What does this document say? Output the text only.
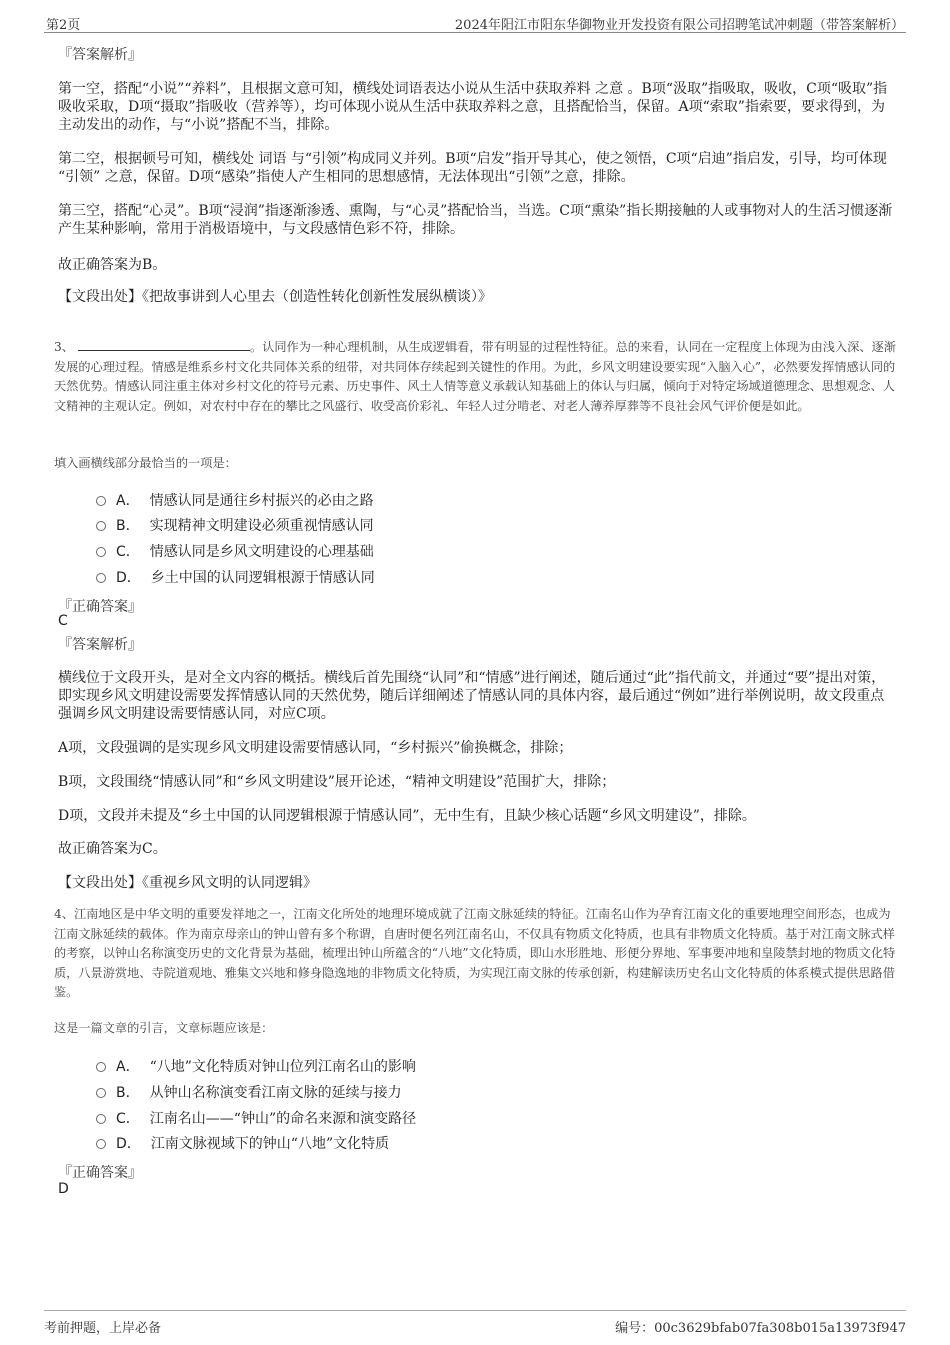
第2页	2024年阳江市阳东华御物业开发投资有限公司招聘笔试冲刺题（带答案解析）
『答案解析』
第一空，搭配“小说”“养料”，且根据文意可知，横线处词语表达小说从生活中获取养料 之意 。B项“汲取”指吸取，吸收，C项“吸取”指吸收采取，D项“摄取”指吸收（营养等），均可体现小说从生活中获取养料之意，且搭配恰当，保留。A项“索取”指索要，要求得到，为主动发出的动作，与“小说”搭配不当，排除。
第二空，根据顿号可知，横线处 词语 与“引领”构成同义并列。B项“启发”指开导其心，使之领悟，C项“启迪”指启发，引导，均可体现 “引领” 之意，保留。D项“感染”指使人产生相同的思想感情，无法体现出“引领”之意，排除。
第三空，搭配“心灵”。B项“浸润”指逐渐渗透、熏陶，与“心灵”搭配恰当，当选。C项“熏染”指长期接触的人或事物对人的生活习惯逐渐产生某种影响，常用于消极语境中，与文段感情色彩不符，排除。
故正确答案为B。
【文段出处】《把故事讲到人心里去（创造性转化创新性发展纵横谈）》
3、	。认同作为一种心理机制，从生成逻辑看，带有明显的过程性特征。总的来看，认同在一定程度上体现为由浅入深、逐渐发展的心理过程。情感是维系乡村文化共同体关系的纽带，对共同体存续起到关键性的作用。为此，乡风文明建设要实现“入脑入心”，必然要发挥情感认同的天然优势。情感认同注重主体对乡村文化的符号元素、历史事件、风土人情等意义承载认知基础上的体认与归属，倾向于对特定场域道德理念、思想观念、人文精神的主观认定。例如，对农村中存在的攀比之风盛行、收受高价彩礼、年轻人过分啃老、对老人薄养厚葬等不良社会风气评价便是如此。
填入画横线部分最恰当的一项是：
A． 情感认同是通往乡村振兴的必由之路
B． 实现精神文明建设必须重视情感认同
C． 情感认同是乡风文明建设的心理基础
D． 乡土中国的认同逻辑根源于情感认同
『正确答案』
C
『答案解析』
横线位于文段开头，是对全文内容的概括。横线后首先围绕“认同”和“情感”进行阐述，随后通过“此”指代前文，并通过“要”提出对策，即实现乡风文明建设需要发挥情感认同的天然优势，随后详细阐述了情感认同的具体内容，最后通过“例如”进行举例说明，故文段重点强调乡风文明建设需要情感认同，对应C项。
A项，文段强调的是实现乡风文明建设需要情感认同，“乡村振兴”偷换概念，排除；
B项，文段围绕“情感认同”和“乡风文明建设”展开论述，“精神文明建设”范围扩大，排除；
D项，文段并未提及“乡土中国的认同逻辑根源于情感认同”，无中生有，且缺少核心话题“乡风文明建设”，排除。
故正确答案为C。
【文段出处】《重视乡风文明的认同逻辑》
4、江南地区是中华文明的重要发祥地之一，江南文化所处的地理环境成就了江南文脉延续的特征。江南名山作为孕育江南文化的重要地理空间形态，也成为江南文脉延续的载体。作为南京母亲山的钟山曾有多个称谓，自唐时便名列江南名山，不仅具有物质文化特质，也具有非物质文化特质。基于对江南文脉式样的考察，以钟山名称演变历史的文化背景为基础，梳理出钟山所蕴含的“八地”文化特质，即山水形胜地、形便分界地、军事要冲地和皇陵禁封地的物质文化特质，八景游赏地、寺院道观地、雅集文兴地和修身隐逸地的非物质文化特质，为实现江南文脉的传承创新，构建解读历史名山文化特质的体系模式提供思路借鉴。
这是一篇文章的引言，文章标题应该是：
A． “八地”文化特质对钟山位列江南名山的影响
B． 从钟山名称演变看江南文脉的延续与接力
C． 江南名山——“钟山”的命名来源和演变路径
D． 江南文脉视域下的钟山“八地”文化特质
『正确答案』
D
考前押题，上岸必备	编号：00c3629bfab07fa308b015a13973f947
